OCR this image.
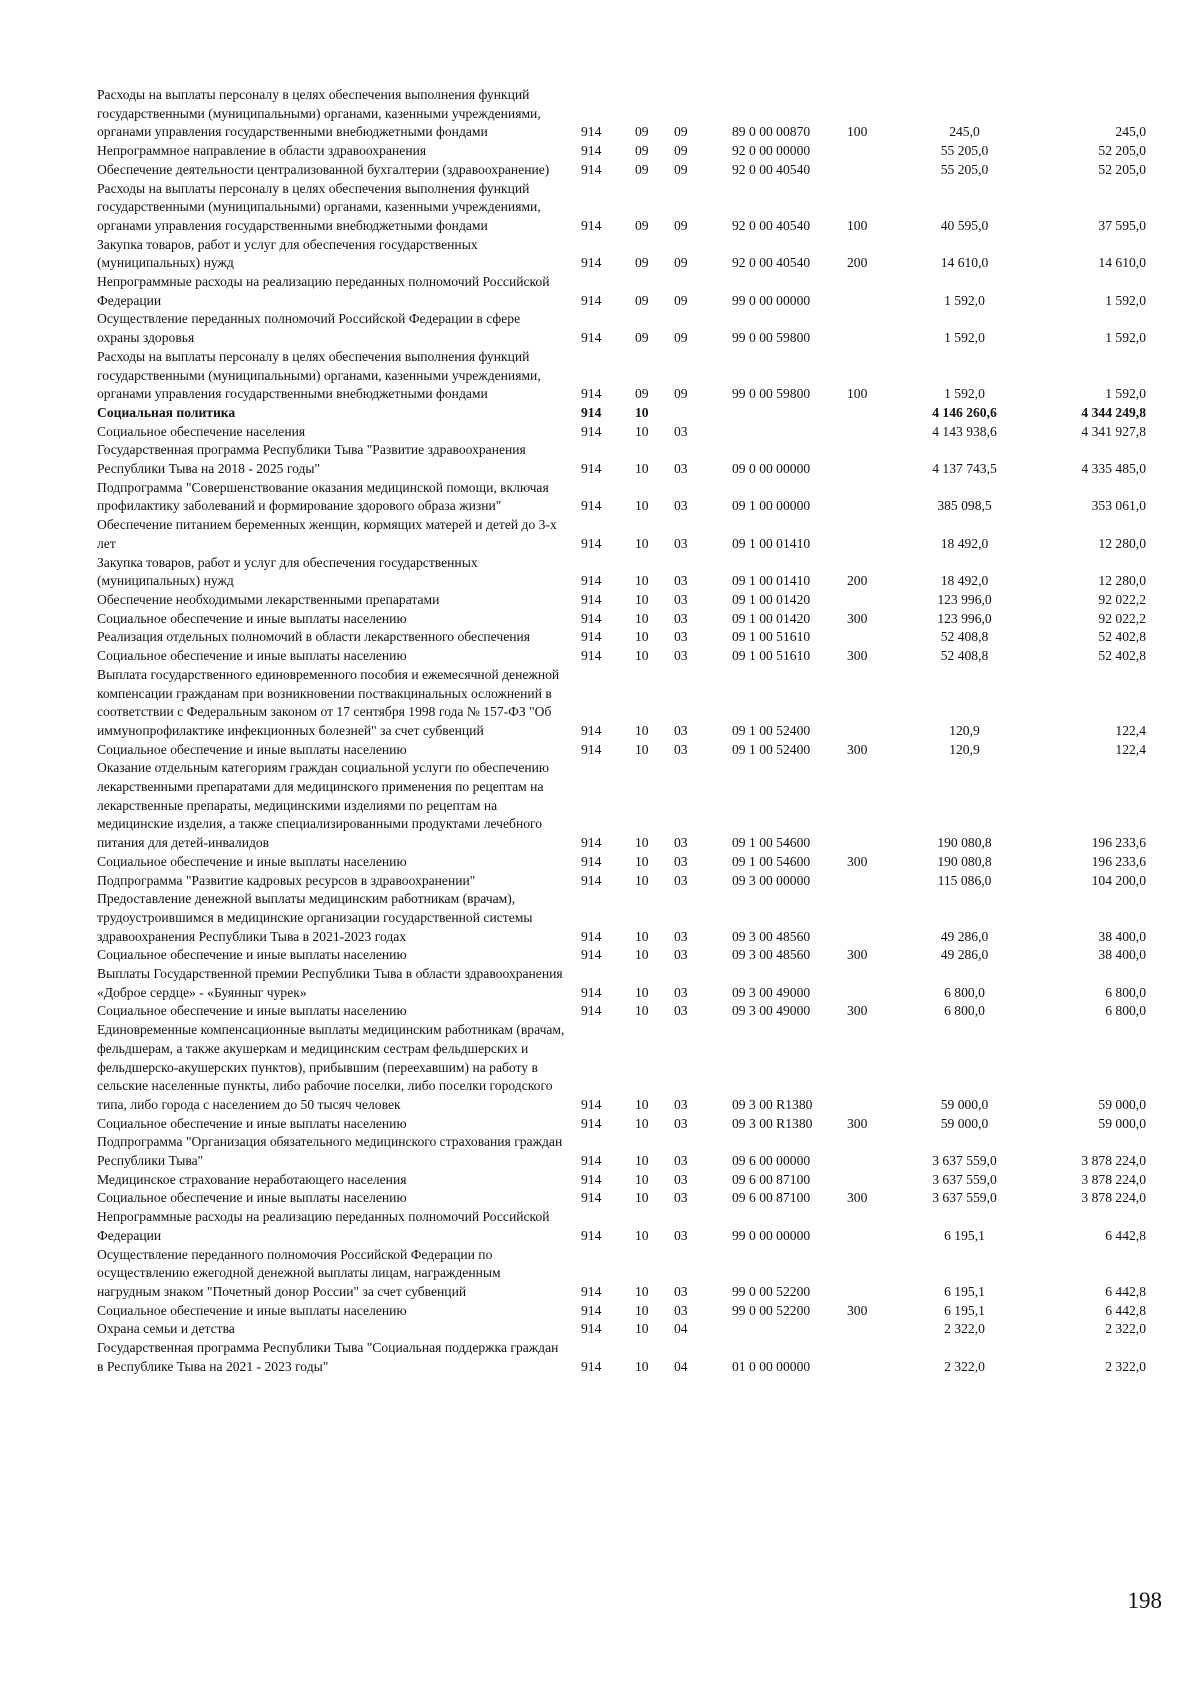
Расходы на выплаты персоналу в целях обеспечения выполнения функций государственными (муниципальными) органами, казенными учреждениями, органами управления государственными внебюджетными фондами	914	09	09	89 0 00 00870	100	245,0	245,0
Непрограммное направление в области здравоохранения	914	09	09	92 0 00 00000		55 205,0	52 205,0
Обеспечение деятельности централизованной бухгалтерии (здравоохранение)	914	09	09	92 0 00 40540		55 205,0	52 205,0
Расходы на выплаты персоналу в целях обеспечения выполнения функций государственными (муниципальными) органами, казенными учреждениями, органами управления государственными внебюджетными фондами	914	09	09	92 0 00 40540	100	40 595,0	37 595,0
Закупка товаров, работ и услуг для обеспечения государственных (муниципальных) нужд	914	09	09	92 0 00 40540	200	14 610,0	14 610,0
Непрограммные расходы на реализацию переданных полномочий Российской Федерации	914	09	09	99 0 00 00000		1 592,0	1 592,0
Осуществление переданных полномочий Российской Федерации в сфере охраны здоровья	914	09	09	99 0 00 59800		1 592,0	1 592,0
Расходы на выплаты персоналу в целях обеспечения выполнения функций государственными (муниципальными) органами, казенными учреждениями, органами управления государственными внебюджетными фондами	914	09	09	99 0 00 59800	100	1 592,0	1 592,0
Социальная политика	914	10				4 146 260,6	4 344 249,8
Социальное обеспечение населения	914	10	03			4 143 938,6	4 341 927,8
Государственная программа Республики Тыва "Развитие здравоохранения Республики Тыва на 2018 - 2025 годы"	914	10	03	09 0 00 00000		4 137 743,5	4 335 485,0
Подпрограмма "Совершенствование оказания медицинской помощи, включая профилактику заболеваний и формирование здорового образа жизни"	914	10	03	09 1 00 00000		385 098,5	353 061,0
Обеспечение питанием беременных женщин, кормящих матерей и детей до 3-х лет	914	10	03	09 1 00 01410		18 492,0	12 280,0
Закупка товаров, работ и услуг для обеспечения государственных (муниципальных) нужд	914	10	03	09 1 00 01410	200	18 492,0	12 280,0
Обеспечение необходимыми лекарственными препаратами	914	10	03	09 1 00 01420		123 996,0	92 022,2
Социальное обеспечение и иные выплаты населению	914	10	03	09 1 00 01420	300	123 996,0	92 022,2
Реализация отдельных полномочий в области лекарственного обеспечения	914	10	03	09 1 00 51610		52 408,8	52 402,8
Социальное обеспечение и иные выплаты населению	914	10	03	09 1 00 51610	300	52 408,8	52 402,8
Выплата государственного единовременного пособия и ежемесячной денежной компенсации гражданам при возникновении поствакцинальных осложнений в соответствии с Федеральным законом от 17 сентября 1998 года № 157-ФЗ "Об иммунопрофилактике инфекционных болезней" за счет субвенций	914	10	03	09 1 00 52400		120,9	122,4
Социальное обеспечение и иные выплаты населению	914	10	03	09 1 00 52400	300	120,9	122,4
Оказание отдельным категориям граждан социальной услуги по обеспечению лекарственными препаратами для медицинского применения по рецептам на лекарственные препараты, медицинскими изделиями по рецептам на медицинские изделия, а также специализированными продуктами лечебного питания для детей-инвалидов	914	10	03	09 1 00 54600		190 080,8	196 233,6
Социальное обеспечение и иные выплаты населению	914	10	03	09 1 00 54600	300	190 080,8	196 233,6
Подпрограмма "Развитие кадровых ресурсов в здравоохранении"	914	10	03	09 3 00 00000		115 086,0	104 200,0
Предоставление денежной выплаты медицинским работникам (врачам), трудоустроившимся в медицинские организации государственной системы здравоохранения Республики Тыва в 2021-2023 годах	914	10	03	09 3 00 48560		49 286,0	38 400,0
Социальное обеспечение и иные выплаты населению	914	10	03	09 3 00 48560	300	49 286,0	38 400,0
Выплаты Государственной премии Республики Тыва в области здравоохранения «Доброе сердце» - «Буянныг чурек»	914	10	03	09 3 00 49000		6 800,0	6 800,0
Социальное обеспечение и иные выплаты населению	914	10	03	09 3 00 49000	300	6 800,0	6 800,0
Единовременные компенсационные выплаты медицинским работникам (врачам, фельдшерам, а также акушеркам и медицинским сестрам фельдшерских и фельдшерско-акушерских пунктов), прибывшим (переехавшим) на работу в сельские населенные пункты, либо рабочие поселки, либо поселки городского типа, либо города с населением до 50 тысяч человек	914	10	03	09 3 00 R1380		59 000,0	59 000,0
Социальное обеспечение и иные выплаты населению	914	10	03	09 3 00 R1380	300	59 000,0	59 000,0
Подпрограмма "Организация обязательного медицинского страхования граждан Республики Тыва"	914	10	03	09 6 00 00000		3 637 559,0	3 878 224,0
Медицинское страхование неработающего населения	914	10	03	09 6 00 87100		3 637 559,0	3 878 224,0
Социальное обеспечение и иные выплаты населению	914	10	03	09 6 00 87100	300	3 637 559,0	3 878 224,0
Непрограммные расходы на реализацию переданных полномочий Российской Федерации	914	10	03	99 0 00 00000		6 195,1	6 442,8
Осуществление переданного полномочия Российской Федерации по осуществлению ежегодной денежной выплаты лицам, награжденным нагрудным знаком "Почетный донор России" за счет субвенций	914	10	03	99 0 00 52200		6 195,1	6 442,8
Социальное обеспечение и иные выплаты населению	914	10	03	99 0 00 52200	300	6 195,1	6 442,8
Охрана семьи и детства	914	10	04			2 322,0	2 322,0
Государственная программа Республики Тыва "Социальная поддержка граждан в Республике Тыва на 2021 - 2023 годы"	914	10	04	01 0 00 00000		2 322,0	2 322,0
198
